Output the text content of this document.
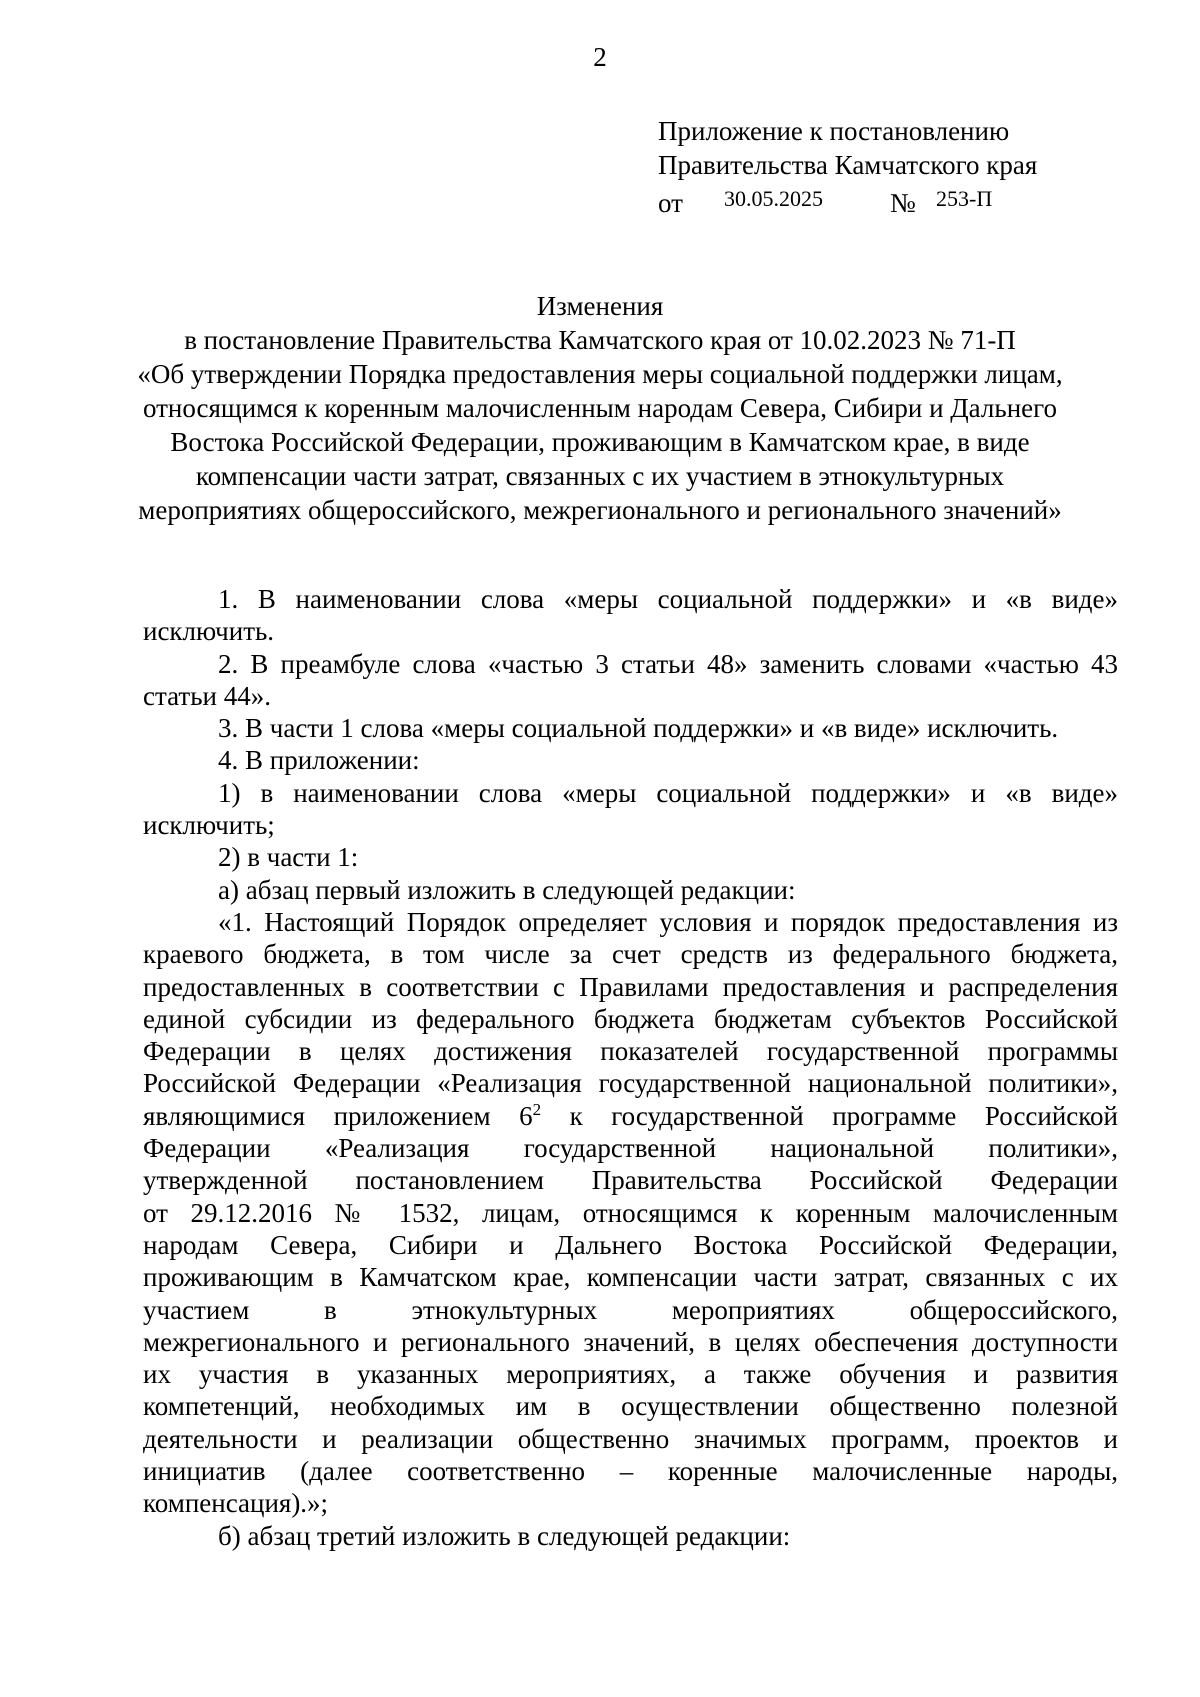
2
Приложение к постановлению
Правительства Камчатского края
от 30.05.2025 № $^{253-П}$
Изменения
в постановление Правительства Камчатского края от 10.02.2023 № 71-П
«Об утверждении Порядка предоставления меры социальной поддержки лицам,
относящимся к коренным малочисленным народам Севера, Сибири и Дальнего
Востока Российской Федерации, проживающим в Камчатском крае, в виде
компенсации части затрат, связанных с их участием в этнокультурных
мероприятиях общероссийского, межрегионального и регионального значений»
1. В наименовании слова «меры социальной поддержки» и «в виде»
исключить.
2. В преамбуле слова «частью 3 статьи 48» заменить словами «частью 43
статьи 44».
3. В части 1 слова «меры социальной поддержки» и «в виде» исключить.
4. В приложении:
1) в наименовании слова «меры социальной поддержки» и «в виде»
исключить;
2) в части 1:
а) абзац первый изложить в следующей редакции:
«1. Настоящий Порядок определяет условия и порядок предоставления из
краевого бюджета, в том числе за счет средств из федерального бюджета,
предоставленных в соответствии с Правилами предоставления и распределения
единой субсидии из федерального бюджета бюджетам субъектов Российской
Федерации в целях достижения показателей государственной программы
Российской Федерации «Реализация государственной национальной политики»,
являющимися приложением $6^2$ к государственной программе Российской
Федерации «Реализация государственной национальной политики»,
утвержденной постановлением Правительства Российской Федерации
от 29.12.2016 № 1532, лицам, относящимся к коренным малочисленным
народам Севера, Сибири и Дальнего Востока Российской Федерации,
проживающим в Камчатском крае, компенсации части затрат, связанных с их
участием в этнокультурных мероприятиях общероссийского,
межрегионального и регионального значений, в целях обеспечения доступности
их участия в указанных мероприятиях, а также обучения и развития
компетенций, необходимых им в осуществлении общественно полезной
деятельности и реализации общественно значимых программ, проектов и
инициатив (далее соответственно – коренные малочисленные народы,
компенсация).»;
б) абзац третий изложить в следующей редакции:
